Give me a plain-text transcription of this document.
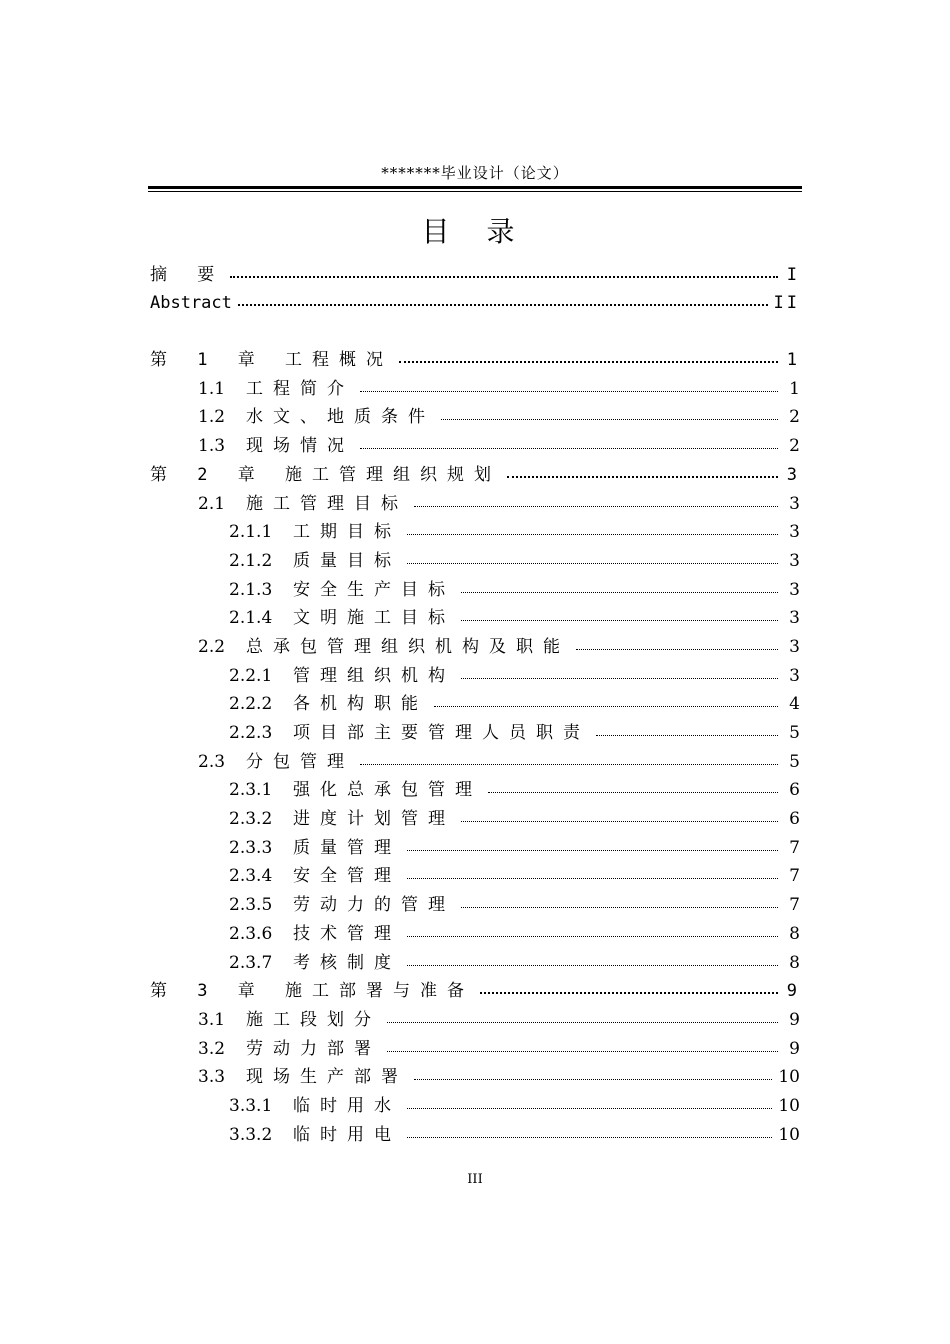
*******毕业设计（论文）
目 录
摘 要	I
Abstract	II
第 1 章 工程概况	1
1.1 工程简介	1
1.2 水文、地质条件	2
1.3 现场情况	2
第 2 章 施工管理组织规划	3
2.1 施工管理目标	3
2.1.1 工期目标	3
2.1.2 质量目标	3
2.1.3 安全生产目标	3
2.1.4 文明施工目标	3
2.2 总承包管理组织机构及职能	3
2.2.1 管理组织机构	3
2.2.2 各机构职能	4
2.2.3 项目部主要管理人员职责	5
2.3 分包管理	5
2.3.1 强化总承包管理	6
2.3.2 进度计划管理	6
2.3.3 质量管理	7
2.3.4 安全管理	7
2.3.5 劳动力的管理	7
2.3.6 技术管理	8
2.3.7 考核制度	8
第 3 章 施工部署与准备	9
3.1 施工段划分	9
3.2 劳动力部署	9
3.3 现场生产部署	10
3.3.1 临时用水	10
3.3.2 临时用电	10
III
